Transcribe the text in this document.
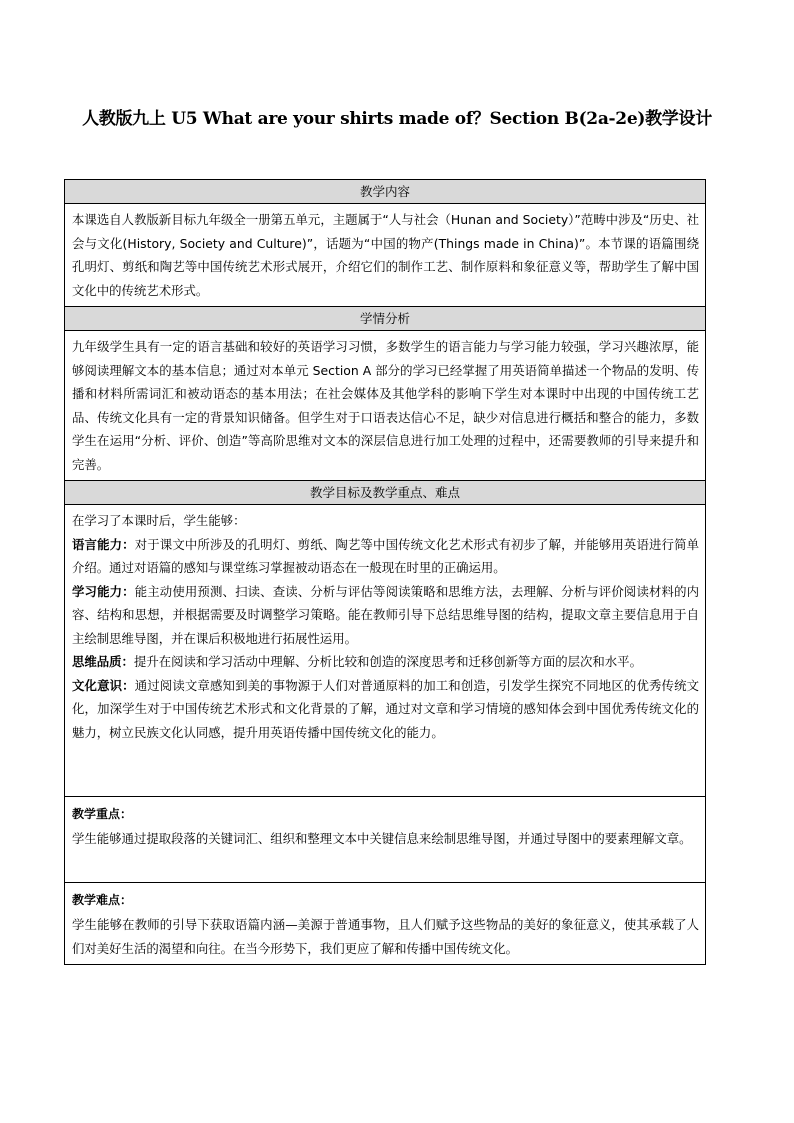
人教版九上 U5 What are your shirts made of？Section B(2a-2e)教学设计
教学内容

本课选自人教版新目标九年级全一册第五单元，主题属于“人与社会（Hunan and Society）”范畴中涉及“历史、社会与文化(History, Society and Culture)”，话题为“中国的物产(Things made in China)”。本节课的语篇围绕孔明灯、剪纸和陶艺等中国传统艺术形式展开，介绍它们的制作工艺、制作原料和象征意义等，帮助学生了解中国文化中的传统艺术形式。

学情分析

九年级学生具有一定的语言基础和较好的英语学习习惯，多数学生的语言能力与学习能力较强，学习兴趣浓厚，能够阅读理解文本的基本信息；通过对本单元 Section A 部分的学习已经掌握了用英语简单描述一个物品的发明、传播和材料所需词汇和被动语态的基本用法；在社会媒体及其他学科的影响下学生对本课时中出现的中国传统工艺品、传统文化具有一定的背景知识储备。但学生对于口语表达信心不足，缺少对信息进行概括和整合的能力，多数学生在运用“分析、评价、创造”等高阶思维对文本的深层信息进行加工处理的过程中，还需要教师的引导来提升和完善。

教学目标及教学重点、难点

在学习了本课时后，学生能够：

语言能力：对于课文中所涉及的孔明灯、剪纸、陶艺等中国传统文化艺术形式有初步了解，并能够用英语进行简单介绍。通过对语篇的感知与课堂练习掌握被动语态在一般现在时里的正确运用。

学习能力：能主动使用预测、扫读、查读、分析与评估等阅读策略和思维方法，去理解、分析与评价阅读材料的内容、结构和思想，并根据需要及时调整学习策略。能在教师引导下总结思维导图的结构，提取文章主要信息用于自主绘制思维导图，并在课后积极地进行拓展性运用。

思维品质：提升在阅读和学习活动中理解、分析比较和创造的深度思考和迁移创新等方面的层次和水平。

文化意识：通过阅读文章感知到美的事物源于人们对普通原料的加工和创造，引发学生探究不同地区的优秀传统文化，加深学生对于中国传统艺术形式和文化背景的了解，通过对文章和学习情境的感知体会到中国优秀传统文化的魅力，树立民族文化认同感，提升用英语传播中国传统文化的能力。

教学重点：

学生能够通过提取段落的关键词汇、组织和整理文本中关键信息来绘制思维导图，并通过导图中的要素理解文章。

教学难点：

学生能够在教师的引导下获取语篇内涵—美源于普通事物，且人们赋予这些物品的美好的象征意义，使其承载了人们对美好生活的渴望和向往。在当今形势下，我们更应了解和传播中国传统文化。
